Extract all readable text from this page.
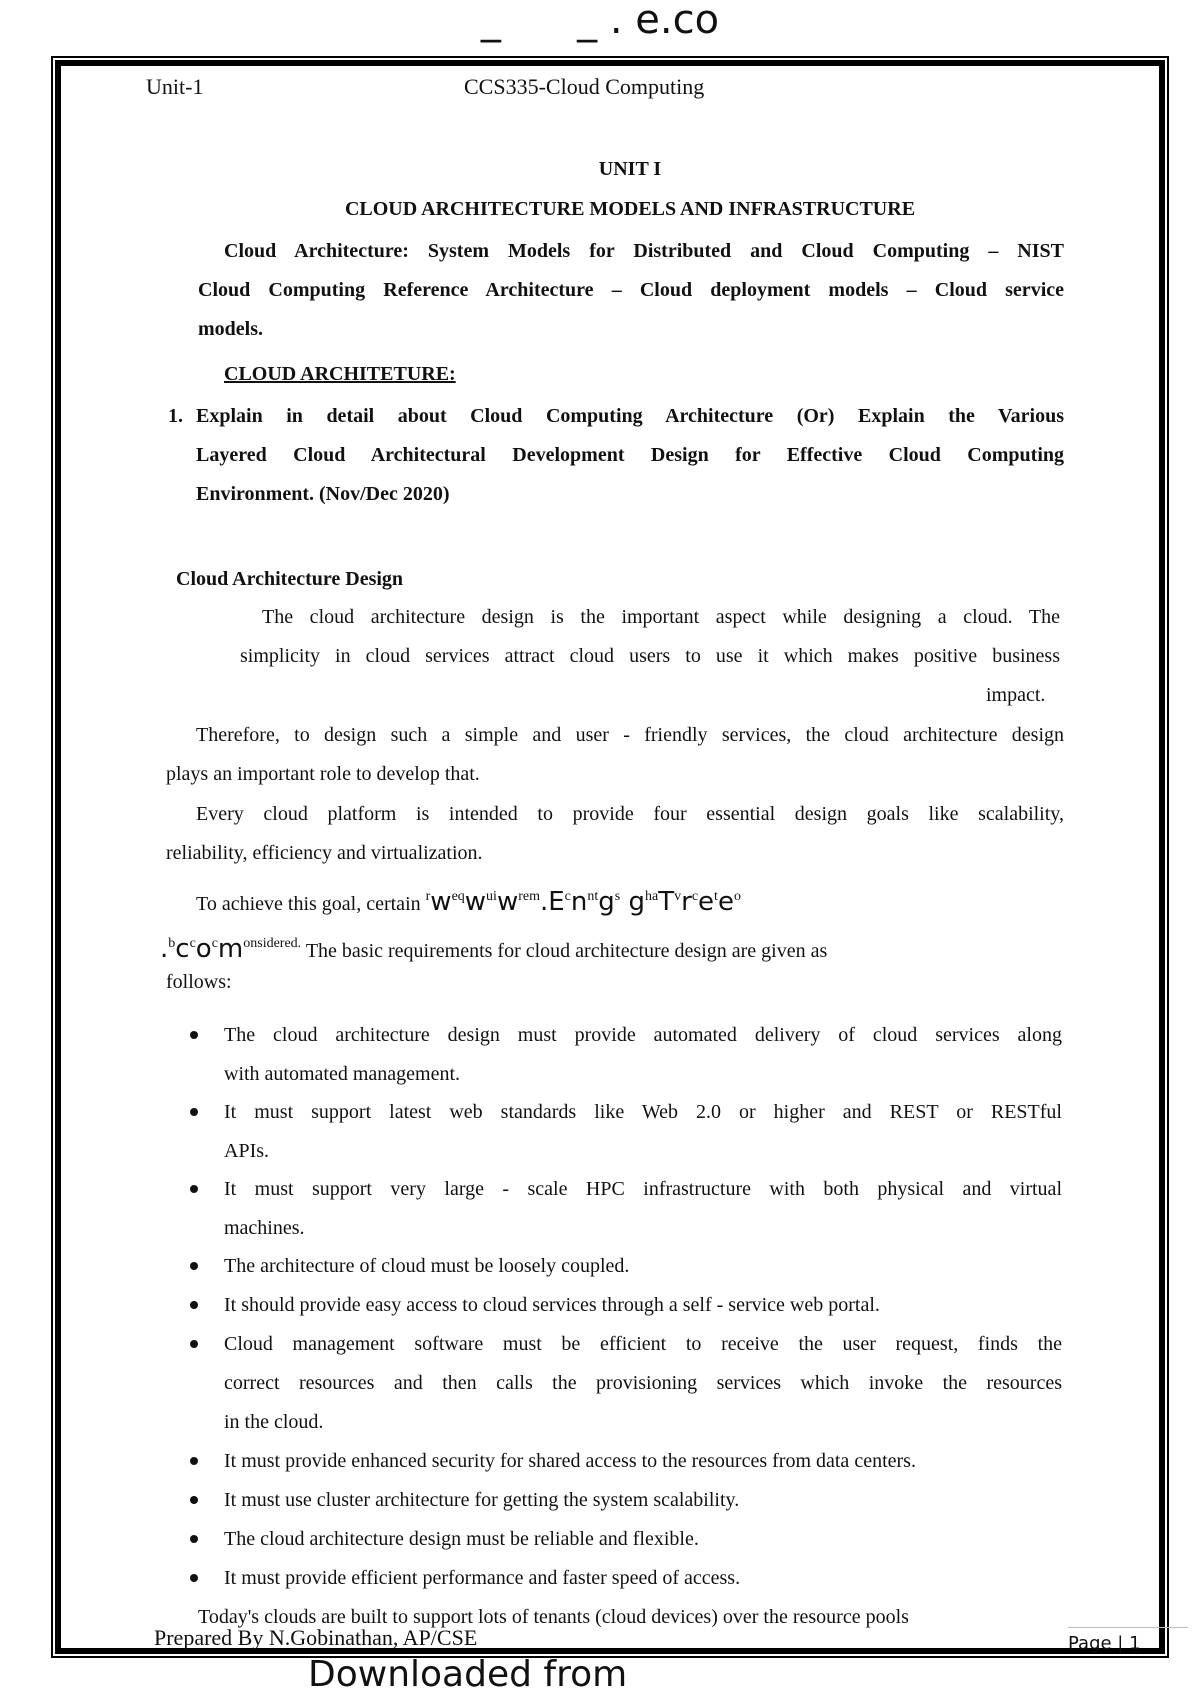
_      _ . e.co
Unit-1	CCS335-Cloud Computing
UNIT I
CLOUD ARCHITECTURE MODELS AND INFRASTRUCTURE
Cloud Architecture: System Models for Distributed and Cloud Computing – NIST
Cloud Computing Reference Architecture – Cloud deployment models – Cloud service
models.
CLOUD ARCHITETURE:
1. Explain in detail about Cloud Computing Architecture (Or) Explain the Various
Layered Cloud Architectural Development Design for Effective Cloud Computing
Environment. (Nov/Dec 2020)
Cloud Architecture Design
The cloud architecture design is the important aspect while designing a cloud. The
simplicity in cloud services attract cloud users to use it which makes positive business
impact.
Therefore, to design such a simple and user - friendly services, the cloud architecture design
plays an important role to develop that.
Every cloud platform is intended to provide four essential design goals like scalability,
reliability, efficiency and virtualization.
To achieve this goal, certain $^rw^{eq}w^{ui}w^{rem}.E^cn^{nt}g^s$ $g^{ha}T^vr^ce^te^o$
$.^bc^co^cm^{onsidered.}$ The basic requirements for cloud architecture design are given as
follows:
The cloud architecture design must provide automated delivery of cloud services along
with automated management.
It must support latest web standards like Web 2.0 or higher and REST or RESTful
APIs.
It must support very large - scale HPC infrastructure with both physical and virtual
machines.
The architecture of cloud must be loosely coupled.
It should provide easy access to cloud services through a self - service web portal.
Cloud management software must be efficient to receive the user request, finds the
correct resources and then calls the provisioning services which invoke the resources
in the cloud.
It must provide enhanced security for shared access to the resources from data centers.
It must use cluster architecture for getting the system scalability.
The cloud architecture design must be reliable and flexible.
It must provide efficient performance and faster speed of access.
Today's clouds are built to support lots of tenants (cloud devices) over the resource pools
Prepared By N.Gobinathan, AP/CSE	Page | 1
Downloaded from
